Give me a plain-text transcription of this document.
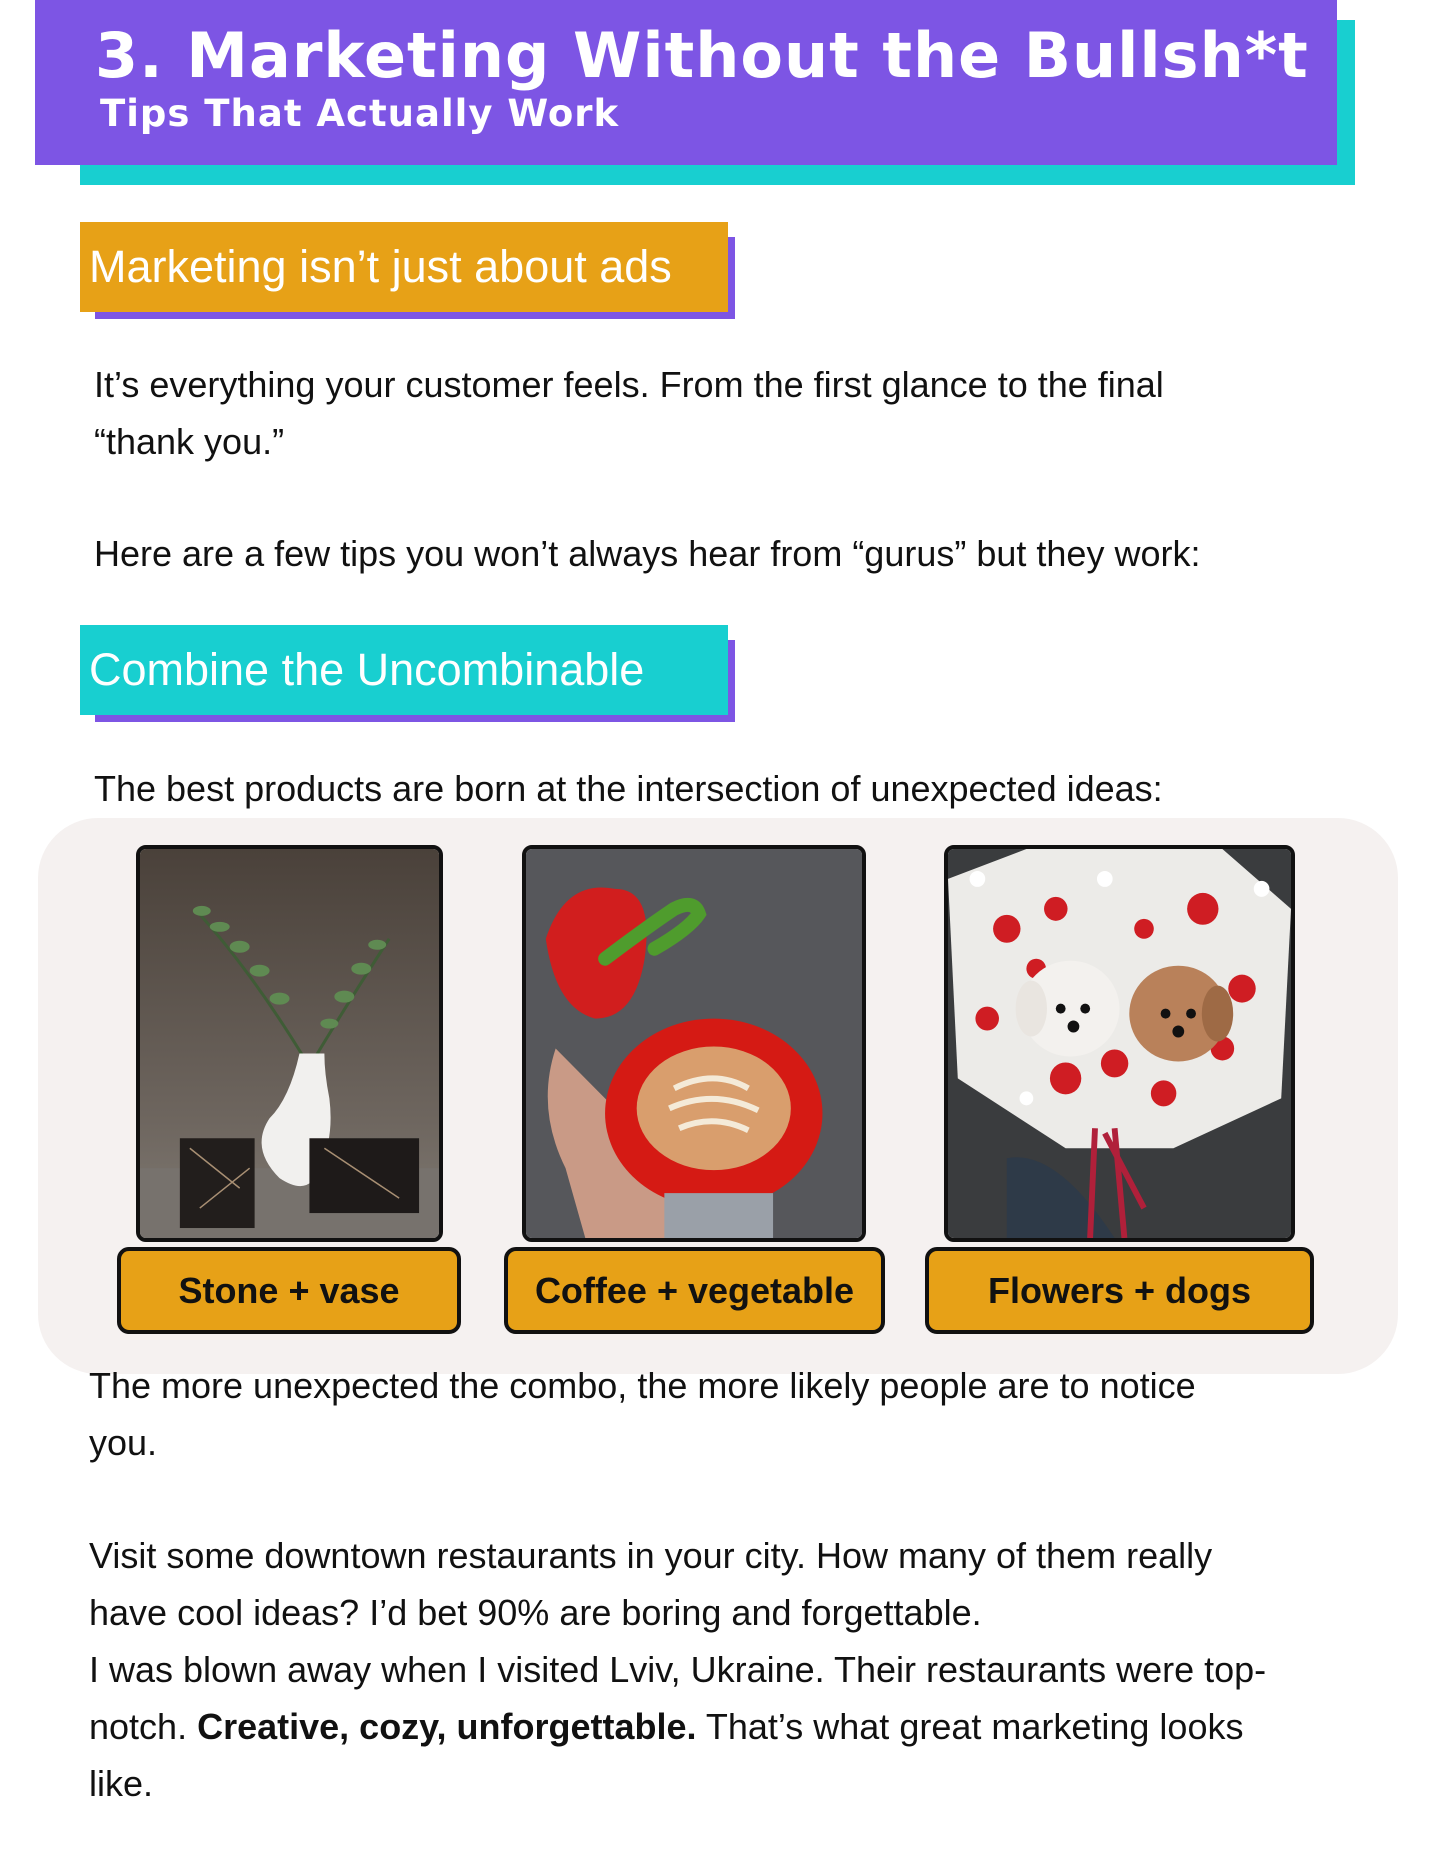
3. Marketing Without the Bullsh*t
Tips That Actually Work
Marketing isn’t just about ads

It’s everything your customer feels. From the first glance to the final
“thank you.”

Here are a few tips you won’t always hear from “gurus” but they work:

Combine the Uncombinable

The best products are born at the intersection of unexpected ideas:

Stone + vase	Coffee + vegetable	Flowers + dogs

The more unexpected the combo, the more likely people are to notice
you.

Visit some downtown restaurants in your city. How many of them really
have cool ideas? I’d bet 90% are boring and forgettable.
I was blown away when I visited Lviv, Ukraine. Their restaurants were top-
notch. Creative, cozy, unforgettable. That’s what great marketing looks
like.
